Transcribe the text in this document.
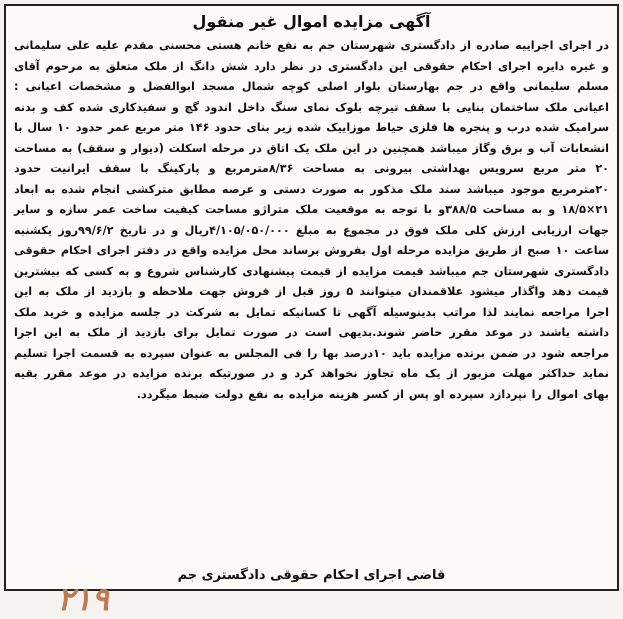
آگهی مزایده اموال غیر منقول
در اجرای اجراییه صادره از دادگستری شهرستان جم به نفع خانم هستی محسنی مقدم علیه علی سلیمانی و غیره دایره اجرای احکام حقوقی این دادگستری در نظر دارد شش دانگ از ملک متعلق به مرحوم آقای مسلم سلیمانی واقع در جم بهارستان بلوار اصلی کوچه شمال مسجد ابوالفضل و مشخصات اعیانی : اعیانی ملک ساختمان بنایی با سقف تیرچه بلوک نمای سنگ داخل اندود گچ و سفیدکاری شده کف و بدنه سرامیک شده درب و پنجره ها فلزی حیاط موزاییک شده زیر بنای حدود ۱۴۶ متر مربع عمر حدود ۱۰ سال با انشعابات آب و برق وگاز میباشد همچنین در این ملک یک اتاق در مرحله اسکلت (دیوار و سقف) به مساحت ۲۰ متر مربع سرویس بهداشتی بیرونی به مساحت ۸/۳۶مترمربع و پارکینگ با سقف ایرانیت حدود ۲۰مترمربع موجود میباشد سند ملک مذکور به صورت دستی و عرصه مطابق مترکشی انجام شده به ابعاد ۲۱×۱۸/۵ و به مساحت ۳۸۸/۵و با توجه به موقعیت ملک متراژو مساحت کیفیت ساخت عمر سازه و سایر جهات ارزیابی ارزش کلی ملک فوق در مجموع به مبلغ ۴/۱۰۵/۰۵۰/۰۰۰ریال و در تاریخ ۹۹/۶/۲روز یکشنبه ساعت ۱۰ صبح از طریق مزایده مرحله اول بفروش برساند محل مزایده واقع در دفتر اجرای احکام حقوقی دادگستری شهرستان جم میباشد قیمت مزایده از قیمت پیشنهادی کارشناس شروع و به کسی که بیشترین قیمت دهد واگذار میشود علاقمندان میتوانند ۵ روز قبل از فروش جهت ملاحظه و بازدید از ملک به این اجرا مراجعه نمایند لذا مراتب بدینوسیله آگهی تا کسانیکه تمایل به شرکت در جلسه مزایده و خرید ملک داشته باشند در موعد مقرر حاضر شوند.بدیهی است در صورت تمایل برای بازدید از ملک به این اجرا مراجعه شود در ضمن برنده مزایده باید ۱۰درصد بها را فی المجلس به عنوان سپرده به قسمت اجرا تسلیم نماید حداکثر مهلت مزبور از یک ماه تجاوز نخواهد کرد و در صورتیکه برنده مزایده در موعد مقرر بقیه بهای اموال را نپردازد سپرده او پس از کسر هزینه مزایده به نفع دولت ضبط میگردد.
قاضی اجرای احکام حقوقی دادگستری جم
۲۱۹
